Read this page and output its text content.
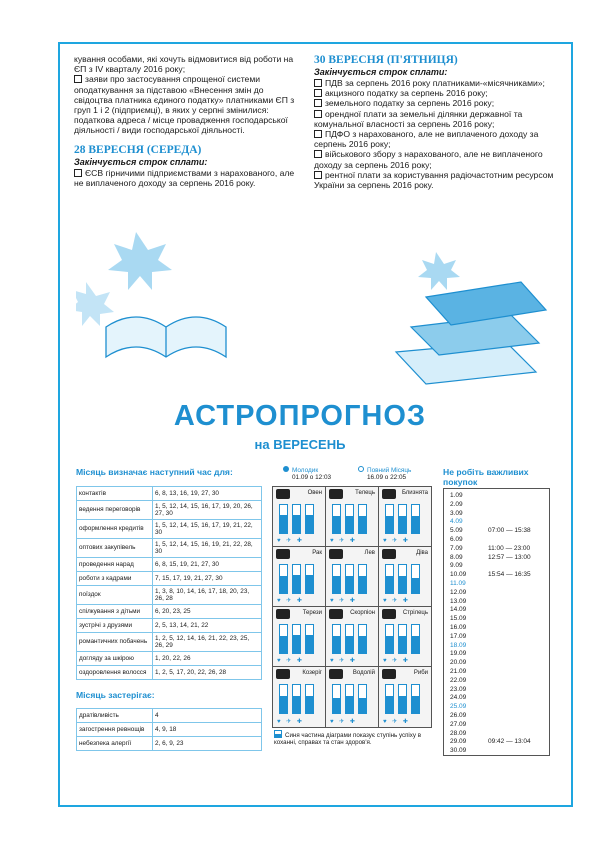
кування особами, які хочуть відмовитися від роботи на ЄП з IV кварталу 2016 року;

заяви про застосування спрощеної системи оподаткування за підставою «Внесення змін до свідоцтва платника єдиного податку» платниками ЄП з груп 1 і 2 (підприємці), в яких у серпні змінилися: податкова адреса / місце провадження господарської діяльності / види господарської діяльності.

28 ВЕРЕСНЯ (СЕРЕДА)
Закінчується строк сплати:

ЄСВ гірничими підприємствами з нарахованого, але не виплаченого доходу за серпень 2016 року.

30 ВЕРЕСНЯ (П'ЯТНИЦЯ)
Закінчується строк сплати:

ПДВ за серпень 2016 року платниками-«місячниками»;

акцизного податку за серпень 2016 року;

земельного податку за серпень 2016 року;

орендної плати за земельні ділянки державної та комунальної власності за серпень 2016 року;

ПДФО з нарахованого, але не виплаченого доходу за серпень 2016 року;

військового збору з нарахованого, але не виплаченого доходу за серпень 2016 року;

рентної плати за користування радіочастотним ресурсом України за серпень 2016 року.

АСТРОПРОГНОЗ
на ВЕРЕСЕНЬ
Місяць визначає наступний час для:
контактів	6, 8, 13, 16, 19, 27, 30
ведення переговорів	1, 5, 12, 14, 15, 16, 17, 19, 20, 26, 27, 30
оформлення кредитів	1, 5, 12, 14, 15, 16, 17, 19, 21, 22, 30
оптових закупівель	1, 5, 12, 14, 15, 16, 19, 21, 22, 28, 30
проведення нарад	6, 8, 15, 19, 21, 27, 30
роботи з кадрами	7, 15, 17, 19, 21, 27, 30
поїздок	1, 3, 8, 10, 14, 16, 17, 18, 20, 23, 26, 28
спілкування з дітьми	6, 20, 23, 25
зустрічі з друзями	2, 5, 13, 14, 21, 22
романтичних побачень	1, 2, 5, 12, 14, 16, 21, 22, 23, 25, 26, 29
догляду за шкірою	1, 20, 22, 26
оздоровлення волосся	1, 2, 5, 17, 20, 22, 26, 28
Місяць застерігає:
дратівливість	4
загострення ревнощів	4, 9, 18
небезпека алергії	2, 6, 9, 23
Молодик
01.09 о 12:03
Повний Місяць
16.09 о 22:05
Овен
♥ ✈ ✚
Телець
♥ ✈ ✚
Близнята
♥ ✈ ✚
Рак
♥ ✈ ✚
Лев
♥ ✈ ✚
Діва
♥ ✈ ✚
Терези
♥ ✈ ✚
Скорпіон
♥ ✈ ✚
Стрілець
♥ ✈ ✚
Козеріг
♥ ✈ ✚
Водолій
♥ ✈ ✚
Риби
♥ ✈ ✚
Синя частина діаграми показує ступінь успіху в коханні, справах та стан здоров'я.
Не робіть важливих покупок
1.09
2.09
3.09
4.09
5.09	07:00 — 15:38
6.09
7.09	11:00 — 23:00
8.09	12:57 — 13:00
9.09
10.09	15:54 — 16:35
11.09
12.09
13.09
14.09
15.09
16.09
17.09
18.09
19.09
20.09
21.09
22.09
23.09
24.09
25.09
26.09
27.09
28.09
29.09	09:42 — 13:04
30.09
